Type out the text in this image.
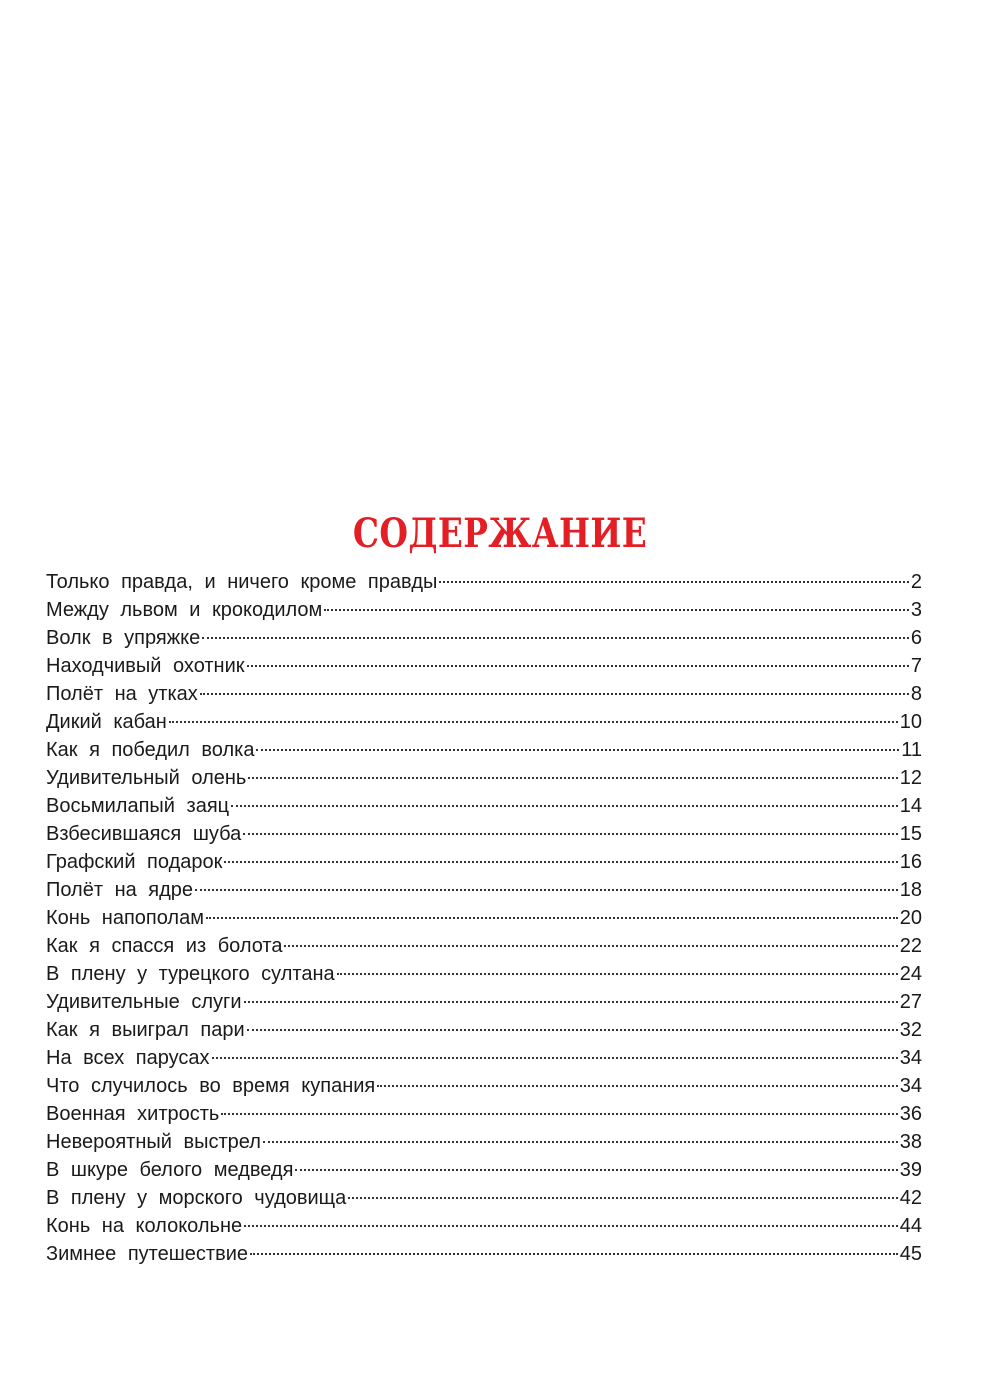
СОДЕРЖАНИЕ
Только правда, и ничего кроме правды	2
Между львом и крокодилом	3
Волк в упряжке	6
Находчивый охотник	7
Полёт на утках	8
Дикий кабан	10
Как я победил волка	11
Удивительный олень	12
Восьмилапый заяц	14
Взбесившаяся шуба	15
Графский подарок	16
Полёт на ядре	18
Конь напополам	20
Как я спасся из болота	22
В плену у турецкого султана	24
Удивительные слуги	27
Как я выиграл пари	32
На всех парусах	34
Что случилось во время купания	34
Военная хитрость	36
Невероятный выстрел	38
В шкуре белого медведя	39
В плену у морского чудовища	42
Конь на колокольне	44
Зимнее путешествие	45
